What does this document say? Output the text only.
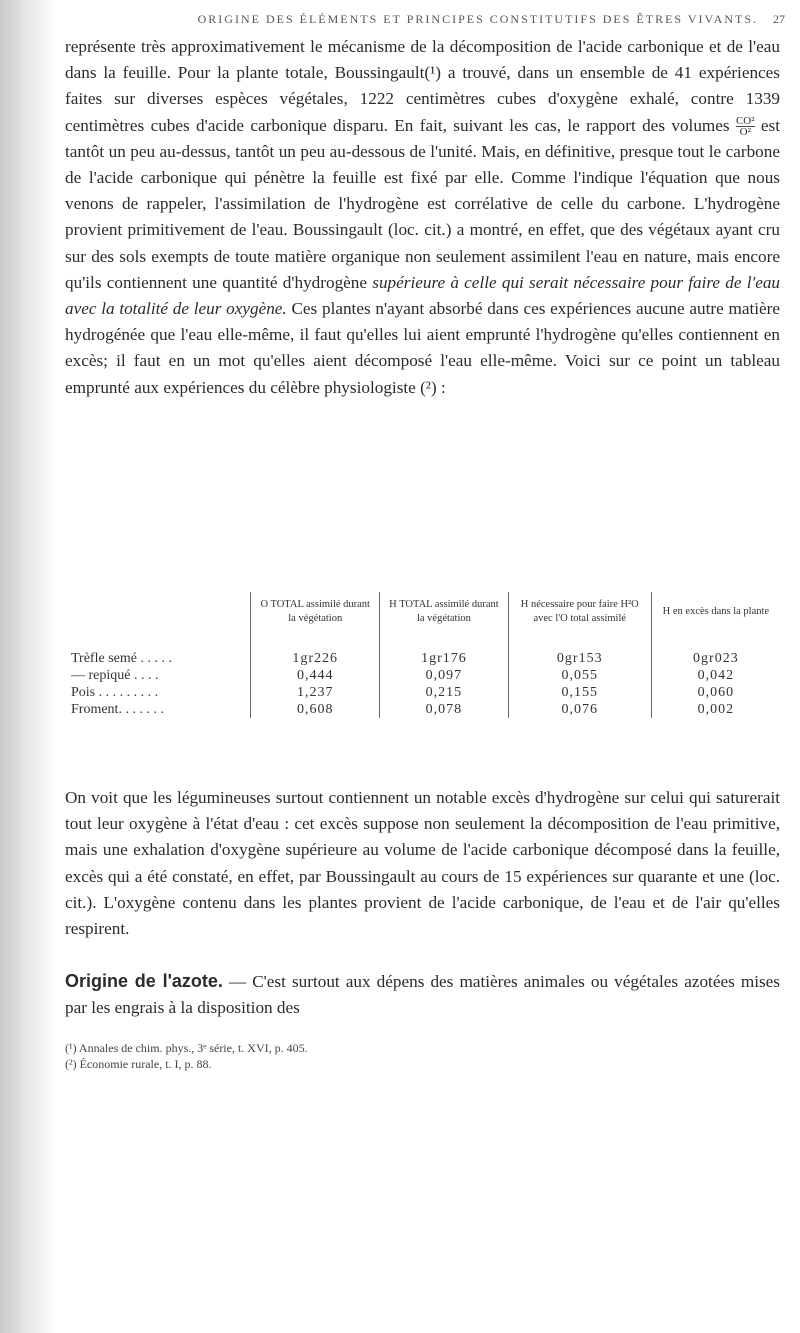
ORIGINE DES ÉLÉMENTS ET PRINCIPES CONSTITUTIFS DES ÊTRES VIVANTS. 27

représente très approximativement le mécanisme de la décomposition de l'acide carbonique et de l'eau dans la feuille. Pour la plante totale, Boussingault(¹) a trouvé, dans un ensemble de 41 expériences faites sur diverses espèces végétales, 1222 centimètres cubes d'oxygène exhalé, contre 1339 centimètres cubes d'acide carbonique disparu. En fait, suivant les cas, le rapport des volumes $\frac{\text{CO²}}{\text{O²}}$ est tantôt un peu au-dessus, tantôt un peu au-dessous de l'unité. Mais, en définitive, presque tout le carbone de l'acide carbonique qui pénètre la feuille est fixé par elle. Comme l'indique l'équation que nous venons de rappeler, l'assimilation de l'hydrogène est corrélative de celle du carbone. L'hydrogène provient primitivement de l'eau. Boussingault (loc. cit.) a montré, en effet, que des végétaux ayant cru sur des sols exempts de toute matière organique non seulement assimilent l'eau en nature, mais encore qu'ils contiennent une quantité d'hydrogène supérieure à celle qui serait nécessaire pour faire de l'eau avec la totalité de leur oxygène. Ces plantes n'ayant absorbé dans ces expériences aucune autre matière hydrogénée que l'eau elle-même, il faut qu'elles lui aient emprunté l'hydrogène qu'elles contiennent en excès; il faut en un mot qu'elles aient décomposé l'eau elle-même. Voici sur ce point un tableau emprunté aux expériences du célèbre physiologiste (²) :

	O TOTAL assimilé durant la végétation	H TOTAL assimilé durant la végétation	H nécessaire pour faire H²O avec l'O total assimilé	H en excès dans la plante
Trèfle semé . . . . .	1gr226	1gr176	0gr153	0gr023
— repiqué . . . .	0,444	0,097	0,055	0,042
Pois . . . . . . . . .	1,237	0,215	0,155	0,060
Froment. . . . . . .	0,608	0,078	0,076	0,002

On voit que les légumineuses surtout contiennent un notable excès d'hydrogène sur celui qui saturerait tout leur oxygène à l'état d'eau : cet excès suppose non seulement la décomposition de l'eau primitive, mais une exhalation d'oxygène supérieure au volume de l'acide carbonique décomposé dans la feuille, excès qui a été constaté, en effet, par Boussingault au cours de 15 expériences sur quarante et une (loc. cit.). L'oxygène contenu dans les plantes provient de l'acide carbonique, de l'eau et de l'air qu'elles respirent.

Origine de l'azote. — C'est surtout aux dépens des matières animales ou végétales azotées mises par les engrais à la disposition des

(¹) Annales de chim. phys., 3ᵉ série, t. XVI, p. 405.
(²) Économie rurale, t. I, p. 88.
